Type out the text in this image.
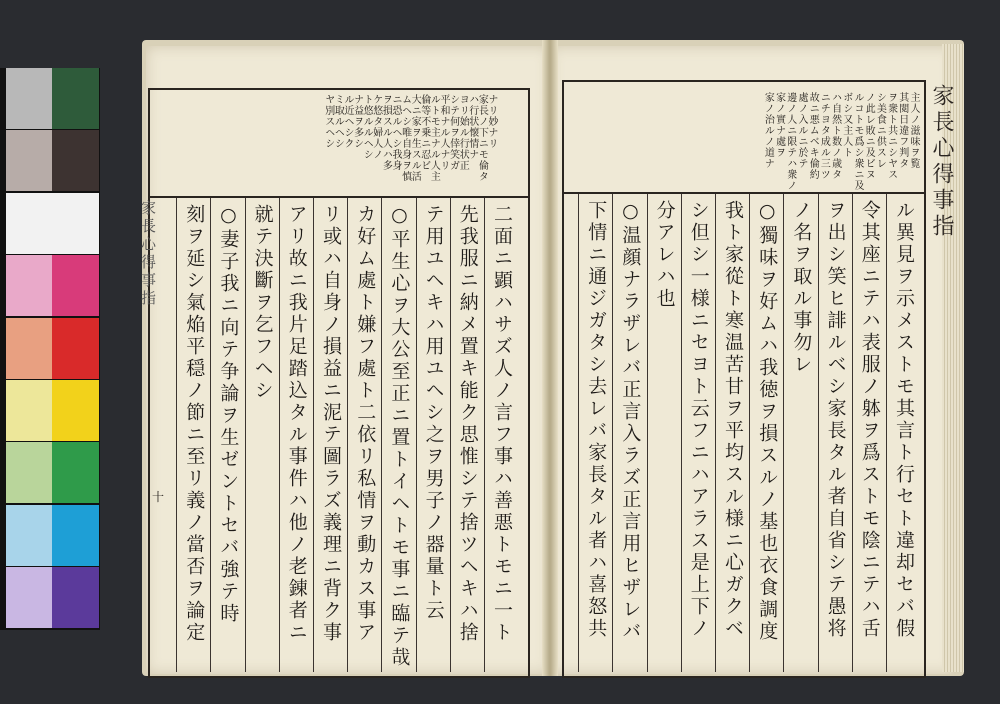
ナリ妙ナリ
家長ノ下ニモ倫タ
ハ行状懐情ナ
ヨリ始ル行状正
シテ何ヲ倖笑ガ
平和ナル人ナリ
ルトモ主ナル人主
倫等不乗ニ忍ビ
大ニ家ヲ生スル活
ムヘシ唯自身ヲ慎
ニ恐ルヘシ我身
ヲ損スル人ハ多
ケ悠タ婦人ノ
ト悠ルルヘシ
ナ益ヲ多シ
ル近ヘシク
ミ取ルヘシ
ヤ別スヘシ
二面ニ顕ハサズ人ノ言フ事ハ善悪トモニ一ト
先我服ニ納メ置キ能ク思惟シテ捨ツヘキハ捨
テ用ユヘキハ用ユヘシ之ヲ男子ノ器量ト云
○平生心ヲ大公至正ニ置トイヘトモ事ニ臨テ哉
カ好ム處ト嫌フ處ト二依リ私情ヲ動カス事ア
リ或ハ自身ノ損益ニ泥テ圖ラズ義理ニ背ク事
アリ故ニ我片足踏込タル事件ハ他ノ老錬者ニ
就テ決斷ヲ乞フヘシ
○妻子我ニ向テ争論ヲ生ゼントセバ強テ時
刻ヲ延シ氣焔平穏ノ節ニ至リ義ノ當否ヲ論定
主人ノ滋味ヲ覧
其閲日違フ判タ
ヲ衆ト共ニシヤス
シ美食ニ供スレ
ノ此レ敗ニ及ビヌ
ルコトモ爲シ衆ニ及
ボシ又主人ト
ハ自然ト数ノ歳タ
ニチヨタ成ル三ツ
故ニ悪ムベキ倫約
處ノ入ルニ於テ
邊ノ人ニ限テハ衆ノ
家ノ實ナ處ヲ
家ノ治ルノ道ナ
ル異見ヲ示メストモ其言ト行セト違却セバ假
令其座ニテハ表服ノ躰ヲ爲ストモ陰ニテハ舌
ヲ出シ笑ヒ誹ルベシ家長タル者自省シテ愚将
ノ名ヲ取ル事勿レ
○獨味ヲ好ムハ我徳ヲ損スルノ基也衣食調度
我ト家從ト寒温苦甘ヲ平均スル様ニ心ガクベ
シ但シ一様ニセヨト云フニハアラス是上下ノ
分アレハ也
○温顔ナラザレバ正言入ラズ正言用ヒザレバ
下情ニ通ジガタシ去レバ家長タル者ハ喜怒共
家長心得事指
家長心得事指
十
